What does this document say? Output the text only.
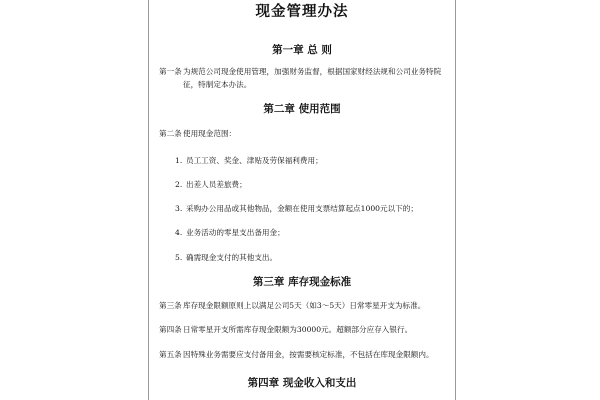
现金管理办法
第一章 总 则
第一条为规范公司现金使用管理，加强财务监督，根据国家财经法规和公司业务特院
征，特制定本办法。
第二章 使用范围
第二条使用现金范围：
1. 员工工资、奖金、津贴及劳保福利费用；
2. 出差人员差旅费；
3. 采购办公用品或其他物品，金额在使用支票结算起点1000元以下的；
4. 业务活动的零星支出备用金；
5. 确需现金支付的其他支出。
第三章 库存现金标准
第三条库存现金限额原则上以满足公司5天（如3～5天）日常零星开支为标准。
第四条日常零星开支所需库存现金限额为30000元。超额部分应存入银行。
第五条因特殊业务需要应支付备用金，按需要核定标准，不包括在库现金限额内。
第四章 现金收入和支出
